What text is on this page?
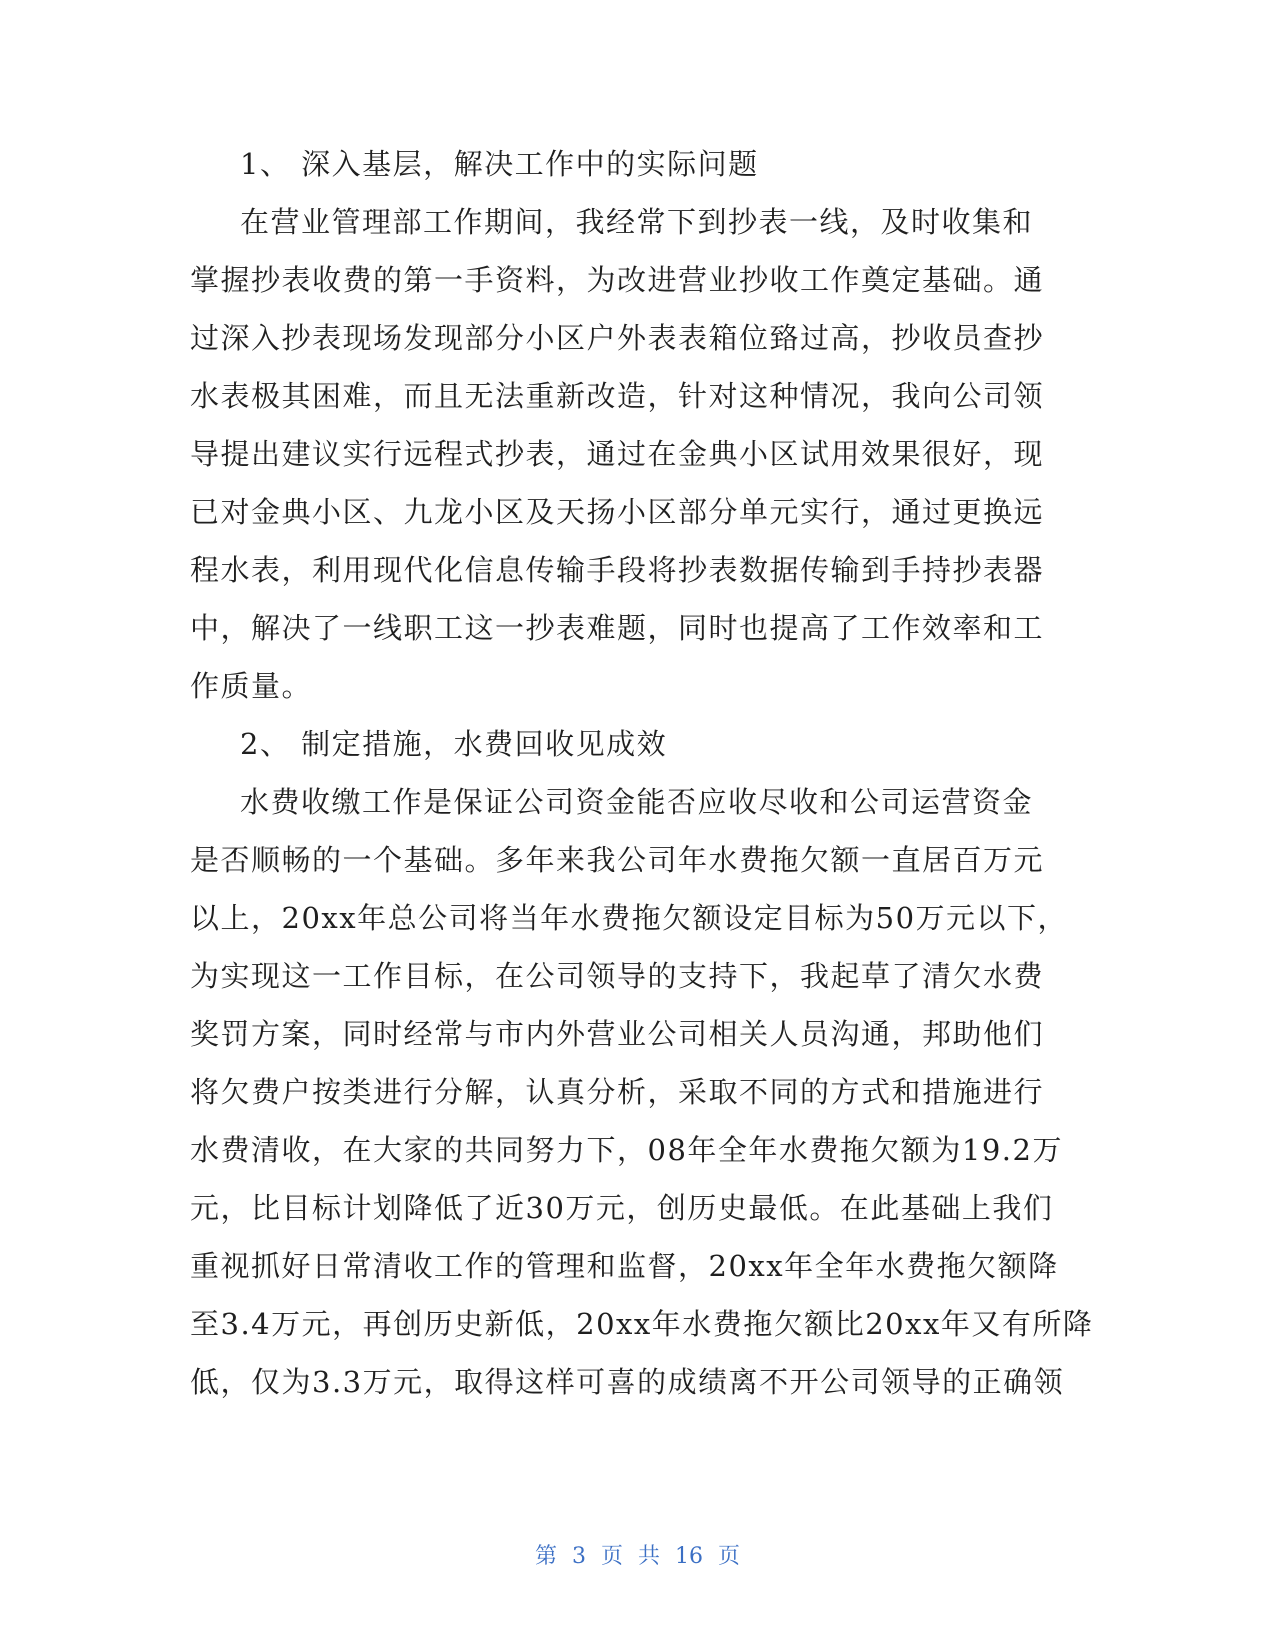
1、 深入基层，解决工作中的实际问题
在营业管理部工作期间，我经常下到抄表一线，及时收集和
掌握抄表收费的第一手资料，为改进营业抄收工作奠定基础。通
过深入抄表现场发现部分小区户外表表箱位臵过高，抄收员查抄
水表极其困难，而且无法重新改造，针对这种情况，我向公司领
导提出建议实行远程式抄表，通过在金典小区试用效果很好，现
已对金典小区、九龙小区及天扬小区部分单元实行，通过更换远
程水表，利用现代化信息传输手段将抄表数据传输到手持抄表器
中，解决了一线职工这一抄表难题，同时也提高了工作效率和工
作质量。
2、 制定措施，水费回收见成效
水费收缴工作是保证公司资金能否应收尽收和公司运营资金
是否顺畅的一个基础。多年来我公司年水费拖欠额一直居百万元
以上，20xx年总公司将当年水费拖欠额设定目标为50万元以下，
为实现这一工作目标，在公司领导的支持下，我起草了清欠水费
奖罚方案，同时经常与市内外营业公司相关人员沟通，邦助他们
将欠费户按类进行分解，认真分析，采取不同的方式和措施进行
水费清收，在大家的共同努力下，08年全年水费拖欠额为19.2万
元，比目标计划降低了近30万元，创历史最低。在此基础上我们
重视抓好日常清收工作的管理和监督，20xx年全年水费拖欠额降
至3.4万元，再创历史新低，20xx年水费拖欠额比20xx年又有所降
低，仅为3.3万元，取得这样可喜的成绩离不开公司领导的正确领
第 3 页 共 16 页
